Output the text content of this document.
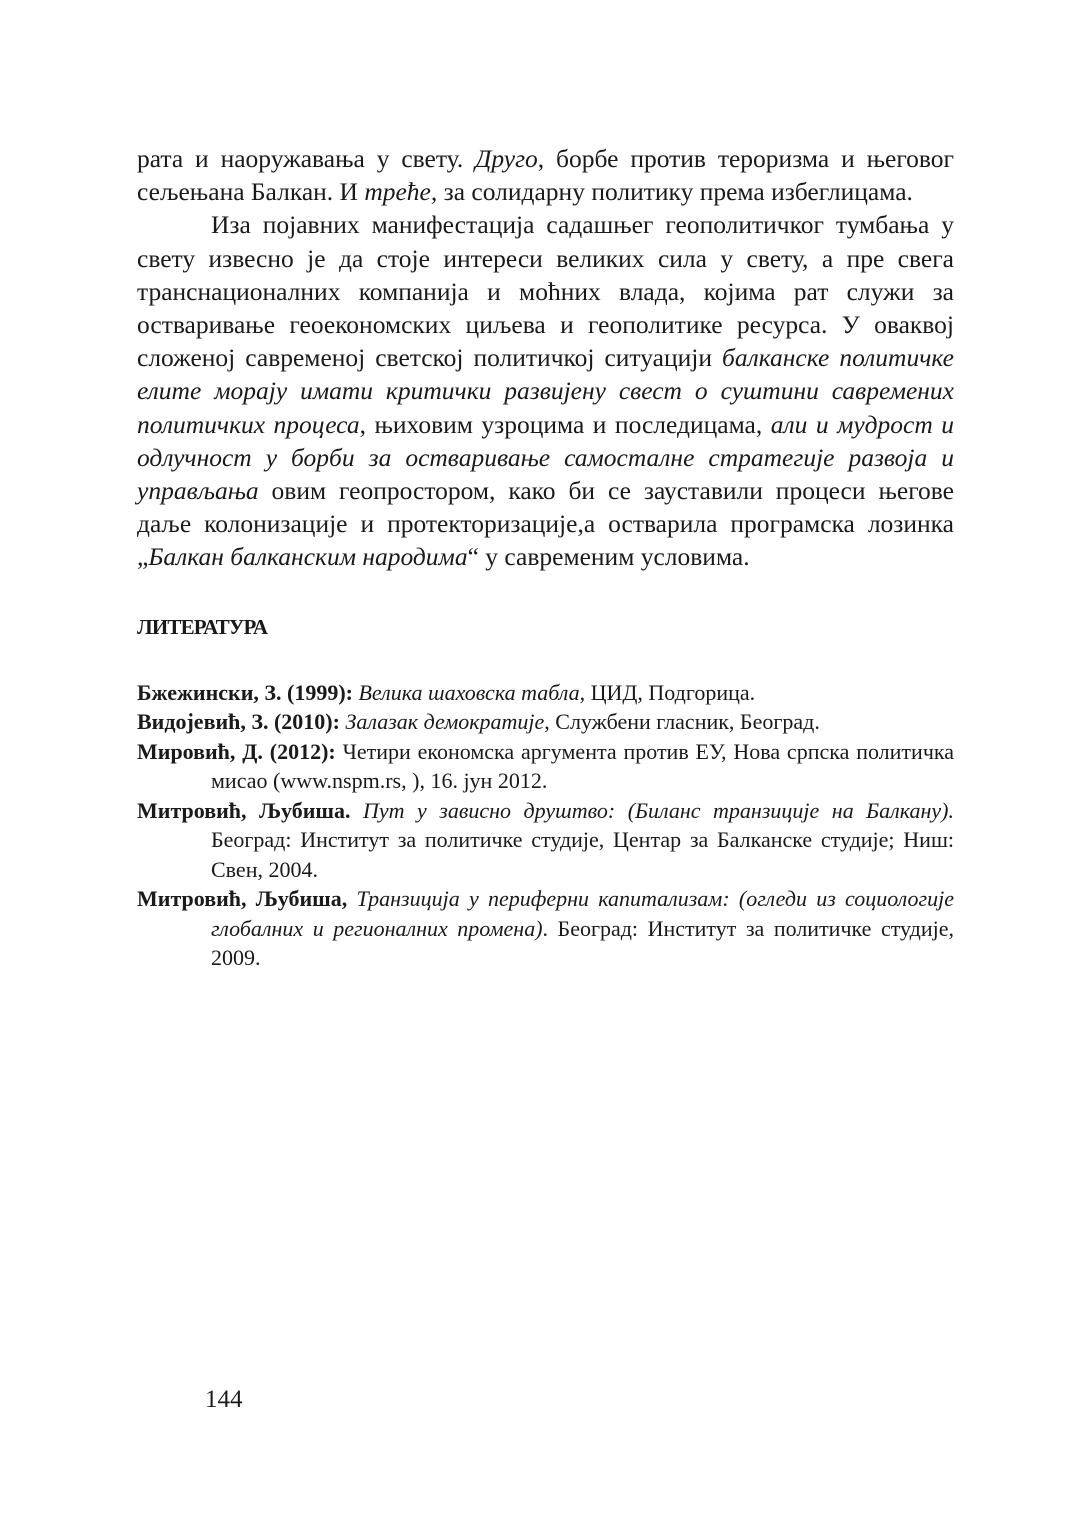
рата и наоружавања у свету. Друго, борбе против тероризма и његовог сељењана Балкан. И треће, за солидарну политику према избеглицама.

Иза појавних манифестација садашњег геополитичког тумбања у свету извесно је да стоје интереси великих сила у свету, а пре свега транснационалних компанија и моћних влада, којима рат служи за остваривање геоекономских циљева и геополитике ресурса. У оваквој сложеној савременој светској политичкој ситуацији балканске политичке елите морају имати критички развијену свест о суштини савремених политичких процеса, њиховим узроцима и последицама, али и мудрост и одлучност у борби за остваривање самосталне стратегије развоја и управљања овим геопростором, како би се зауставили процеси његове даље колонизације и протекторизације,а остварила програмска лозинка „Балкан балканским народима“ у савременим условима.

ЛИТЕРАТУРА
Бжежински, З. (1999): Велика шаховска табла, ЦИД, Подгорица.
Видојевић, З. (2010): Залазак демократије, Службени гласник, Београд.
Мировић, Д. (2012): Четири економска аргумента против ЕУ, Нова српска политичка мисао (www.nspm.rs, ), 16. јун 2012.
Митровић, Љубиша. Пут у зависно друштво: (Биланс транзиције на Балкану). Београд: Институт за политичке студије, Центар за Балканске студије; Ниш: Свен, 2004.
Митровић, Љубиша, Транзиција у периферни капитализам: (огледи из социологије глобалних и регионалних промена). Београд: Институт за политичке студије, 2009.
144
